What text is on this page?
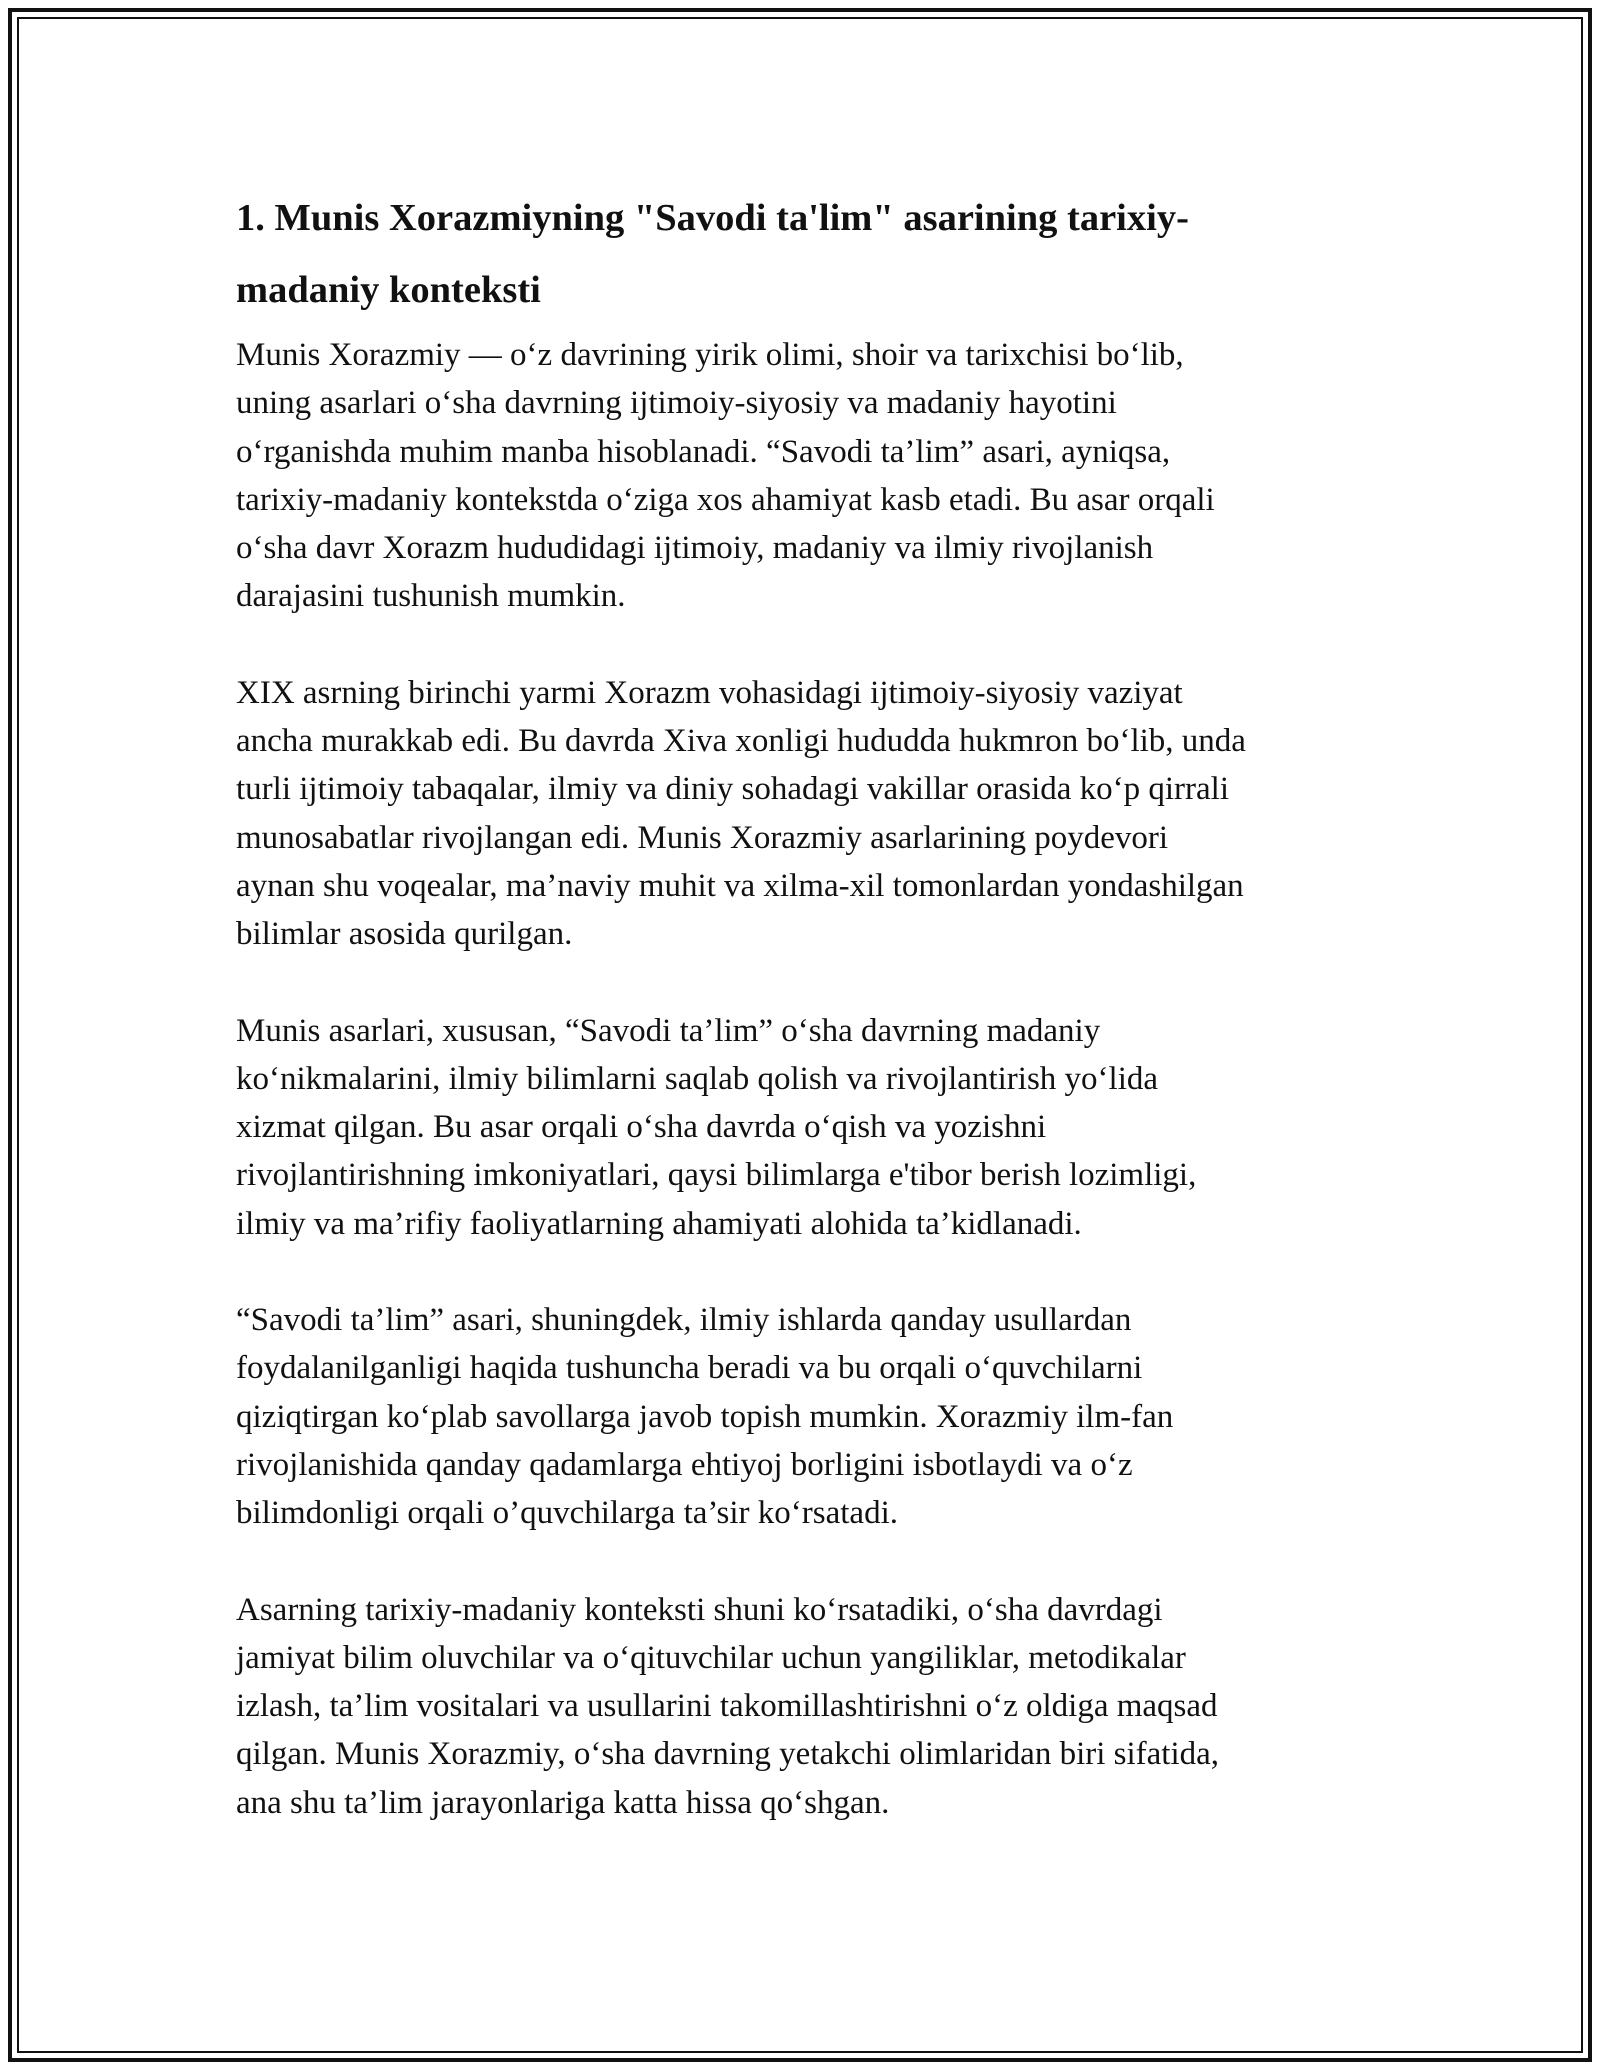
1. Munis Xorazmiyning "Savodi ta'lim" asarining tarixiy-
madaniy konteksti

Munis Xorazmiy — o‘z davrining yirik olimi, shoir va tarixchisi bo‘lib,
uning asarlari o‘sha davrning ijtimoiy-siyosiy va madaniy hayotini
o‘rganishda muhim manba hisoblanadi. “Savodi ta’lim” asari, ayniqsa,
tarixiy-madaniy kontekstda o‘ziga xos ahamiyat kasb etadi. Bu asar orqali
o‘sha davr Xorazm hududidagi ijtimoiy, madaniy va ilmiy rivojlanish
darajasini tushunish mumkin.

XIX asrning birinchi yarmi Xorazm vohasidagi ijtimoiy-siyosiy vaziyat
ancha murakkab edi. Bu davrda Xiva xonligi hududda hukmron bo‘lib, unda
turli ijtimoiy tabaqalar, ilmiy va diniy sohadagi vakillar orasida ko‘p qirrali
munosabatlar rivojlangan edi. Munis Xorazmiy asarlarining poydevori
aynan shu voqealar, ma’naviy muhit va xilma-xil tomonlardan yondashilgan
bilimlar asosida qurilgan.

Munis asarlari, xususan, “Savodi ta’lim” o‘sha davrning madaniy
ko‘nikmalarini, ilmiy bilimlarni saqlab qolish va rivojlantirish yo‘lida
xizmat qilgan. Bu asar orqali o‘sha davrda o‘qish va yozishni
rivojlantirishning imkoniyatlari, qaysi bilimlarga e'tibor berish lozimligi,
ilmiy va ma’rifiy faoliyatlarning ahamiyati alohida ta’kidlanadi.

“Savodi ta’lim” asari, shuningdek, ilmiy ishlarda qanday usullardan
foydalanilganligi haqida tushuncha beradi va bu orqali o‘quvchilarni
qiziqtirgan ko‘plab savollarga javob topish mumkin. Xorazmiy ilm-fan
rivojlanishida qanday qadamlarga ehtiyoj borligini isbotlaydi va o‘z
bilimdonligi orqali o’quvchilarga ta’sir ko‘rsatadi.

Asarning tarixiy-madaniy konteksti shuni ko‘rsatadiki, o‘sha davrdagi
jamiyat bilim oluvchilar va o‘qituvchilar uchun yangiliklar, metodikalar
izlash, ta’lim vositalari va usullarini takomillashtirishni o‘z oldiga maqsad
qilgan. Munis Xorazmiy, o‘sha davrning yetakchi olimlaridan biri sifatida,
ana shu ta’lim jarayonlariga katta hissa qo‘shgan.
